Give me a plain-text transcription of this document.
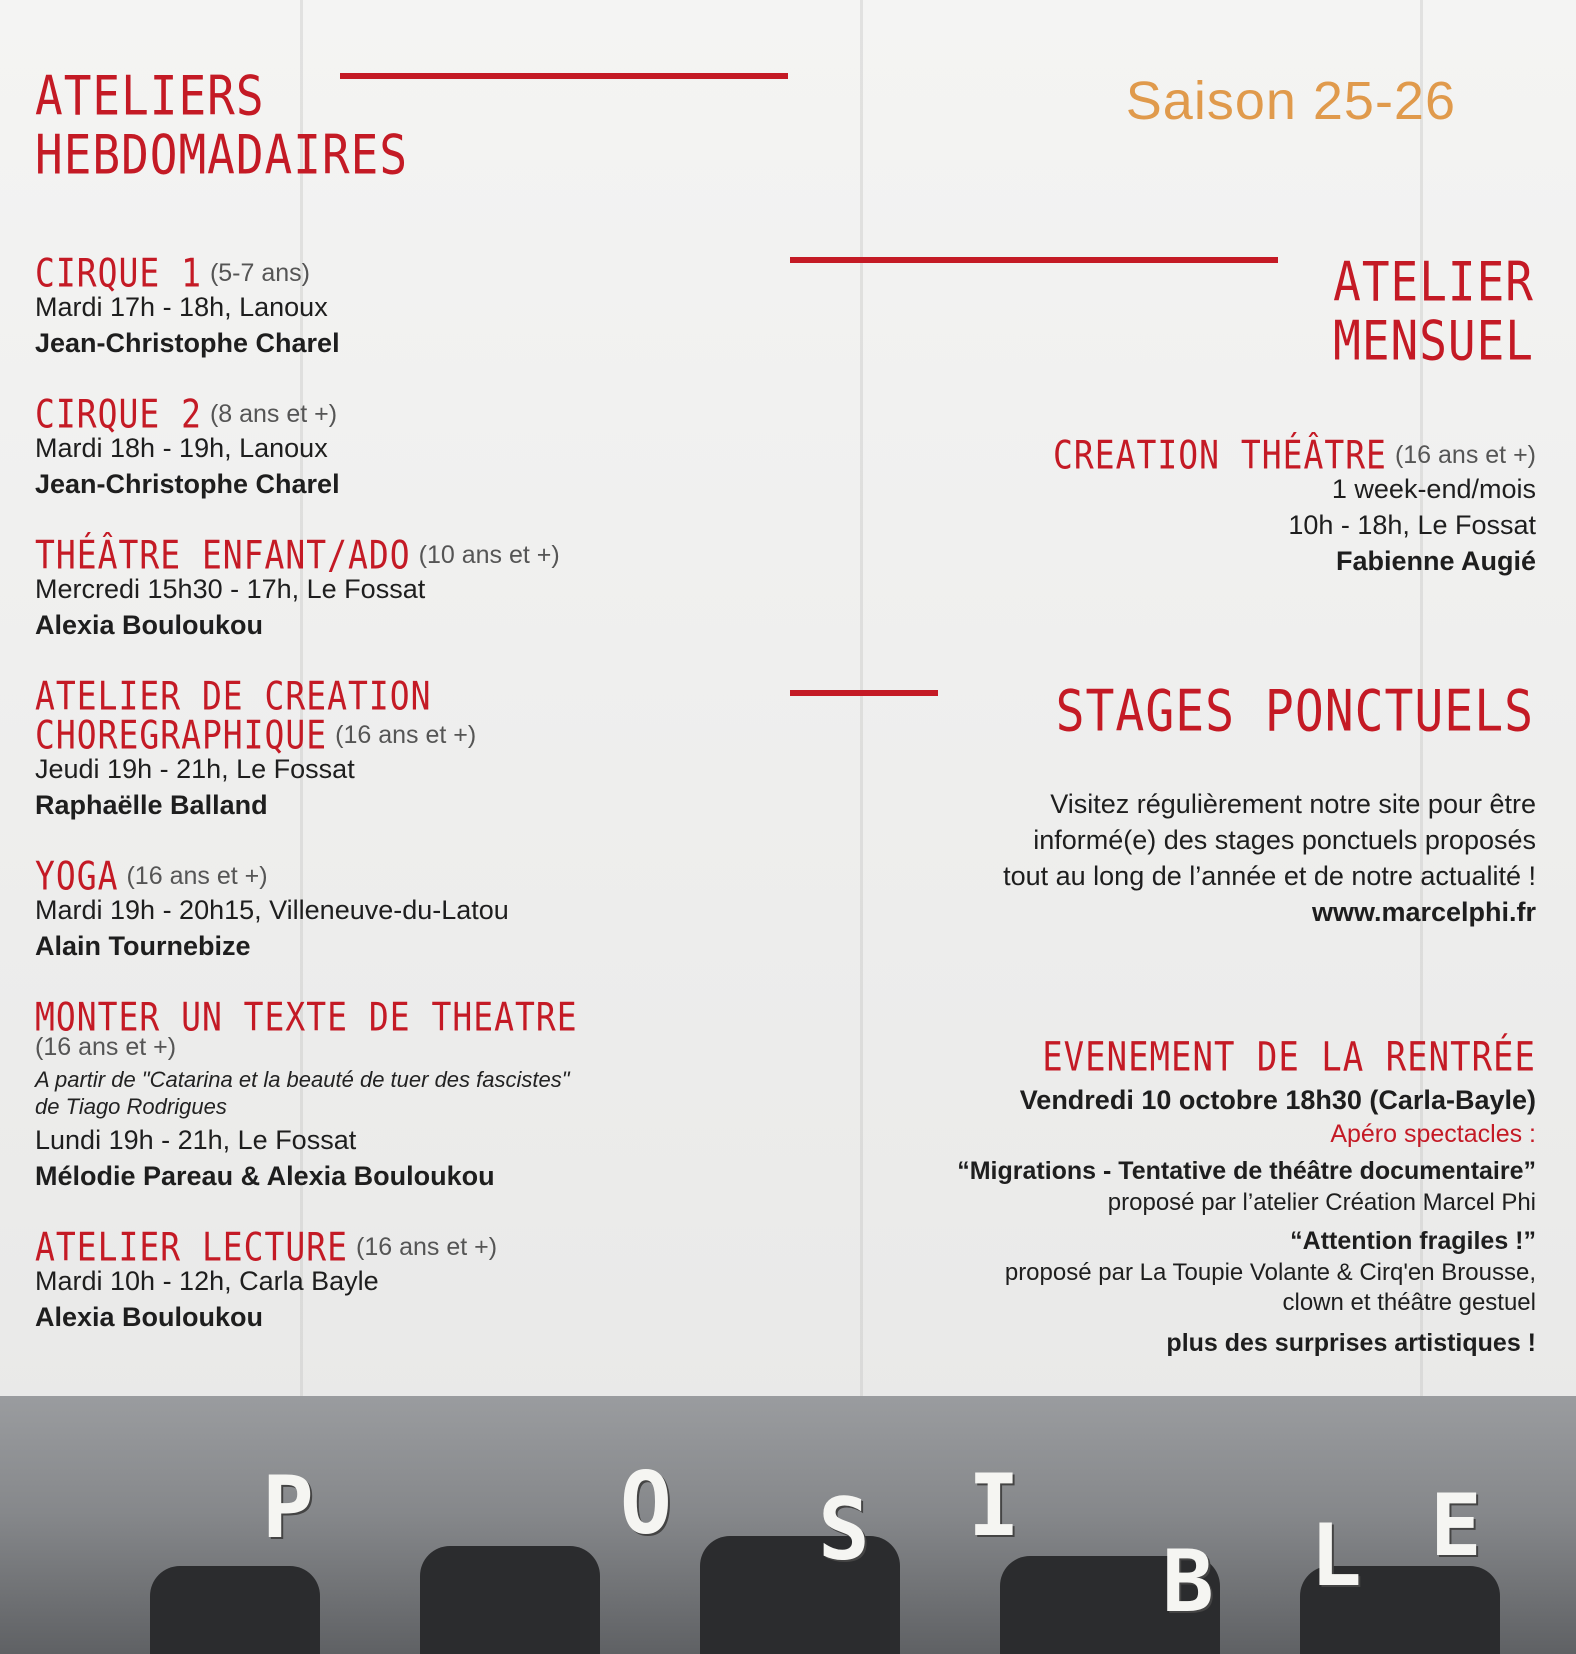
ATELIERS
HEBDOMADAIRES

Saison 25-26

CIRQUE 1 (5-7 ans)

Mardi 17h - 18h, Lanoux

Jean-Christophe Charel

CIRQUE 2 (8 ans et +)

Mardi 18h - 19h, Lanoux

Jean-Christophe Charel

THÉÂTRE ENFANT/ADO (10 ans et +)

Mercredi 15h30 - 17h, Le Fossat

Alexia Bouloukou

ATELIER DE CREATION
CHOREGRAPHIQUE (16 ans et +)

Jeudi 19h - 21h, Le Fossat

Raphaëlle Balland

YOGA (16 ans et +)

Mardi 19h - 20h15, Villeneuve-du-Latou

Alain Tournebize

MONTER UN TEXTE DE THEATRE
(16 ans et +)

A partir de "Catarina et la beauté de tuer des fascistes"
de Tiago Rodrigues

Lundi 19h - 21h, Le Fossat

Mélodie Pareau & Alexia Bouloukou

ATELIER LECTURE (16 ans et +)

Mardi 10h - 12h, Carla Bayle

Alexia Bouloukou

ATELIER
MENSUEL
CREATION THÉÂTRE (16 ans et +)

1 week-end/mois

10h - 18h, Le Fossat

Fabienne Augié

STAGES PONCTUELS

Visitez régulièrement notre site pour être

informé(e) des stages ponctuels proposés

tout au long de l’année et de notre actualité !

www.marcelphi.fr

EVENEMENT DE LA RENTRÉE

Vendredi 10 octobre 18h30 (Carla-Bayle)

Apéro spectacles :

“Migrations - Tentative de théâtre documentaire”

proposé par l’atelier Création Marcel Phi

“Attention fragiles !”

proposé par La Toupie Volante & Cirq'en Brousse,

clown et théâtre gestuel

plus des surprises artistiques !

P	O S I
B L E
